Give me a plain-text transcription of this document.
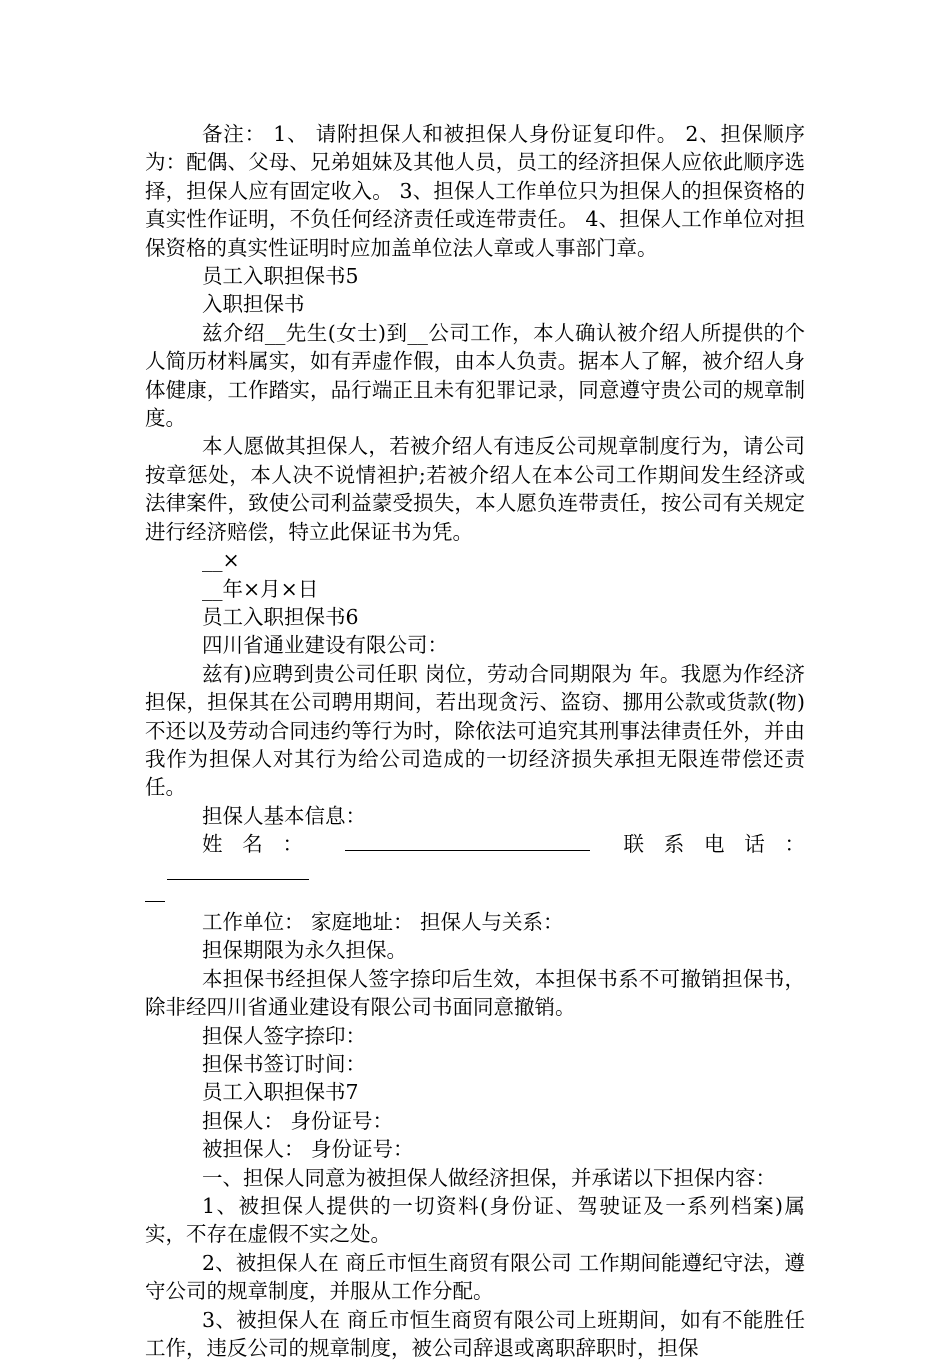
备注： 1、 请附担保人和被担保人身份证复印件。 2、担保顺序为：配偶、父母、兄弟姐妹及其他人员，员工的经济担保人应依此顺序选择，担保人应有固定收入。 3、担保人工作单位只为担保人的担保资格的真实性作证明，不负任何经济责任或连带责任。 4、担保人工作单位对担保资格的真实性证明时应加盖单位法人章或人事部门章。

员工入职担保书5

入职担保书

兹介绍__先生(女士)到__公司工作，本人确认被介绍人所提供的个人简历材料属实，如有弄虚作假，由本人负责。据本人了解，被介绍人身体健康，工作踏实，品行端正且未有犯罪记录，同意遵守贵公司的规章制度。

本人愿做其担保人，若被介绍人有违反公司规章制度行为，请公司按章惩处，本人决不说情袒护;若被介绍人在本公司工作期间发生经济或法律案件，致使公司利益蒙受损失，本人愿负连带责任，按公司有关规定进行经济赔偿，特立此保证书为凭。

__×

__年×月×日

员工入职担保书6

四川省通业建设有限公司：

兹有)应聘到贵公司任职 岗位，劳动合同期限为 年。我愿为作经济担保，担保其在公司聘用期间，若出现贪污、盗窃、挪用公款或货款(物)不还以及劳动合同违约等行为时，除依法可追究其刑事法律责任外，并由我作为担保人对其行为给公司造成的一切经济损失承担无限连带偿还责任。

担保人基本信息：

姓名：	联系电话：

工作单位： 家庭地址： 担保人与关系：

担保期限为永久担保。

本担保书经担保人签字捺印后生效，本担保书系不可撤销担保书，除非经四川省通业建设有限公司书面同意撤销。

担保人签字捺印：

担保书签订时间：

员工入职担保书7

担保人： 身份证号：

被担保人： 身份证号：

一、担保人同意为被担保人做经济担保，并承诺以下担保内容：

1、被担保人提供的一切资料(身份证、驾驶证及一系列档案)属实，不存在虚假不实之处。

2、被担保人在 商丘市恒生商贸有限公司 工作期间能遵纪守法，遵守公司的规章制度，并服从工作分配。

3、被担保人在 商丘市恒生商贸有限公司上班期间，如有不能胜任工作，违反公司的规章制度，被公司辞退或离职辞职时，担保
